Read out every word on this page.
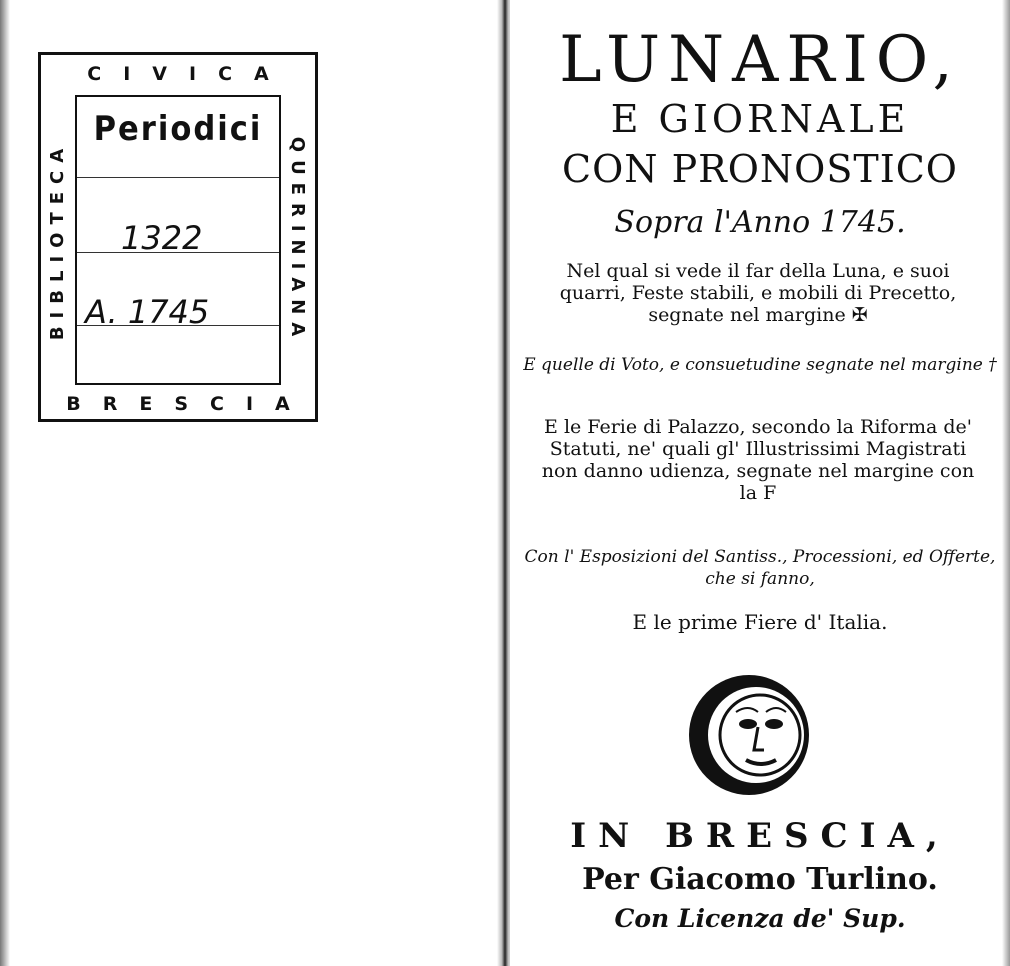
CIVICA
BIBLIOTECA	QUERINIANA
Periodici
1322
A. 1745
BRESCIA
LUNARIO,
E GIORNALE
CON PRONOSTICO
Sopra l'Anno 1745.
Nel qual si vede il far della Luna, e suoi quarri, Feste stabili, e mobili di Precetto, segnate nel margine ✠
E quelle di Voto, e consuetudine segnate nel margine †
E le Ferie di Palazzo, secondo la Riforma de' Statuti, ne' quali gl' Illustrissimi Magistrati non danno udienza, segnate nel margine con la F
Con l' Esposizioni del Santiss., Processioni, ed Offerte, che si fanno,
E le prime Fiere d' Italia.
IN BRESCIA,
Per Giacomo Turlino.
Con Licenza de' Sup.
